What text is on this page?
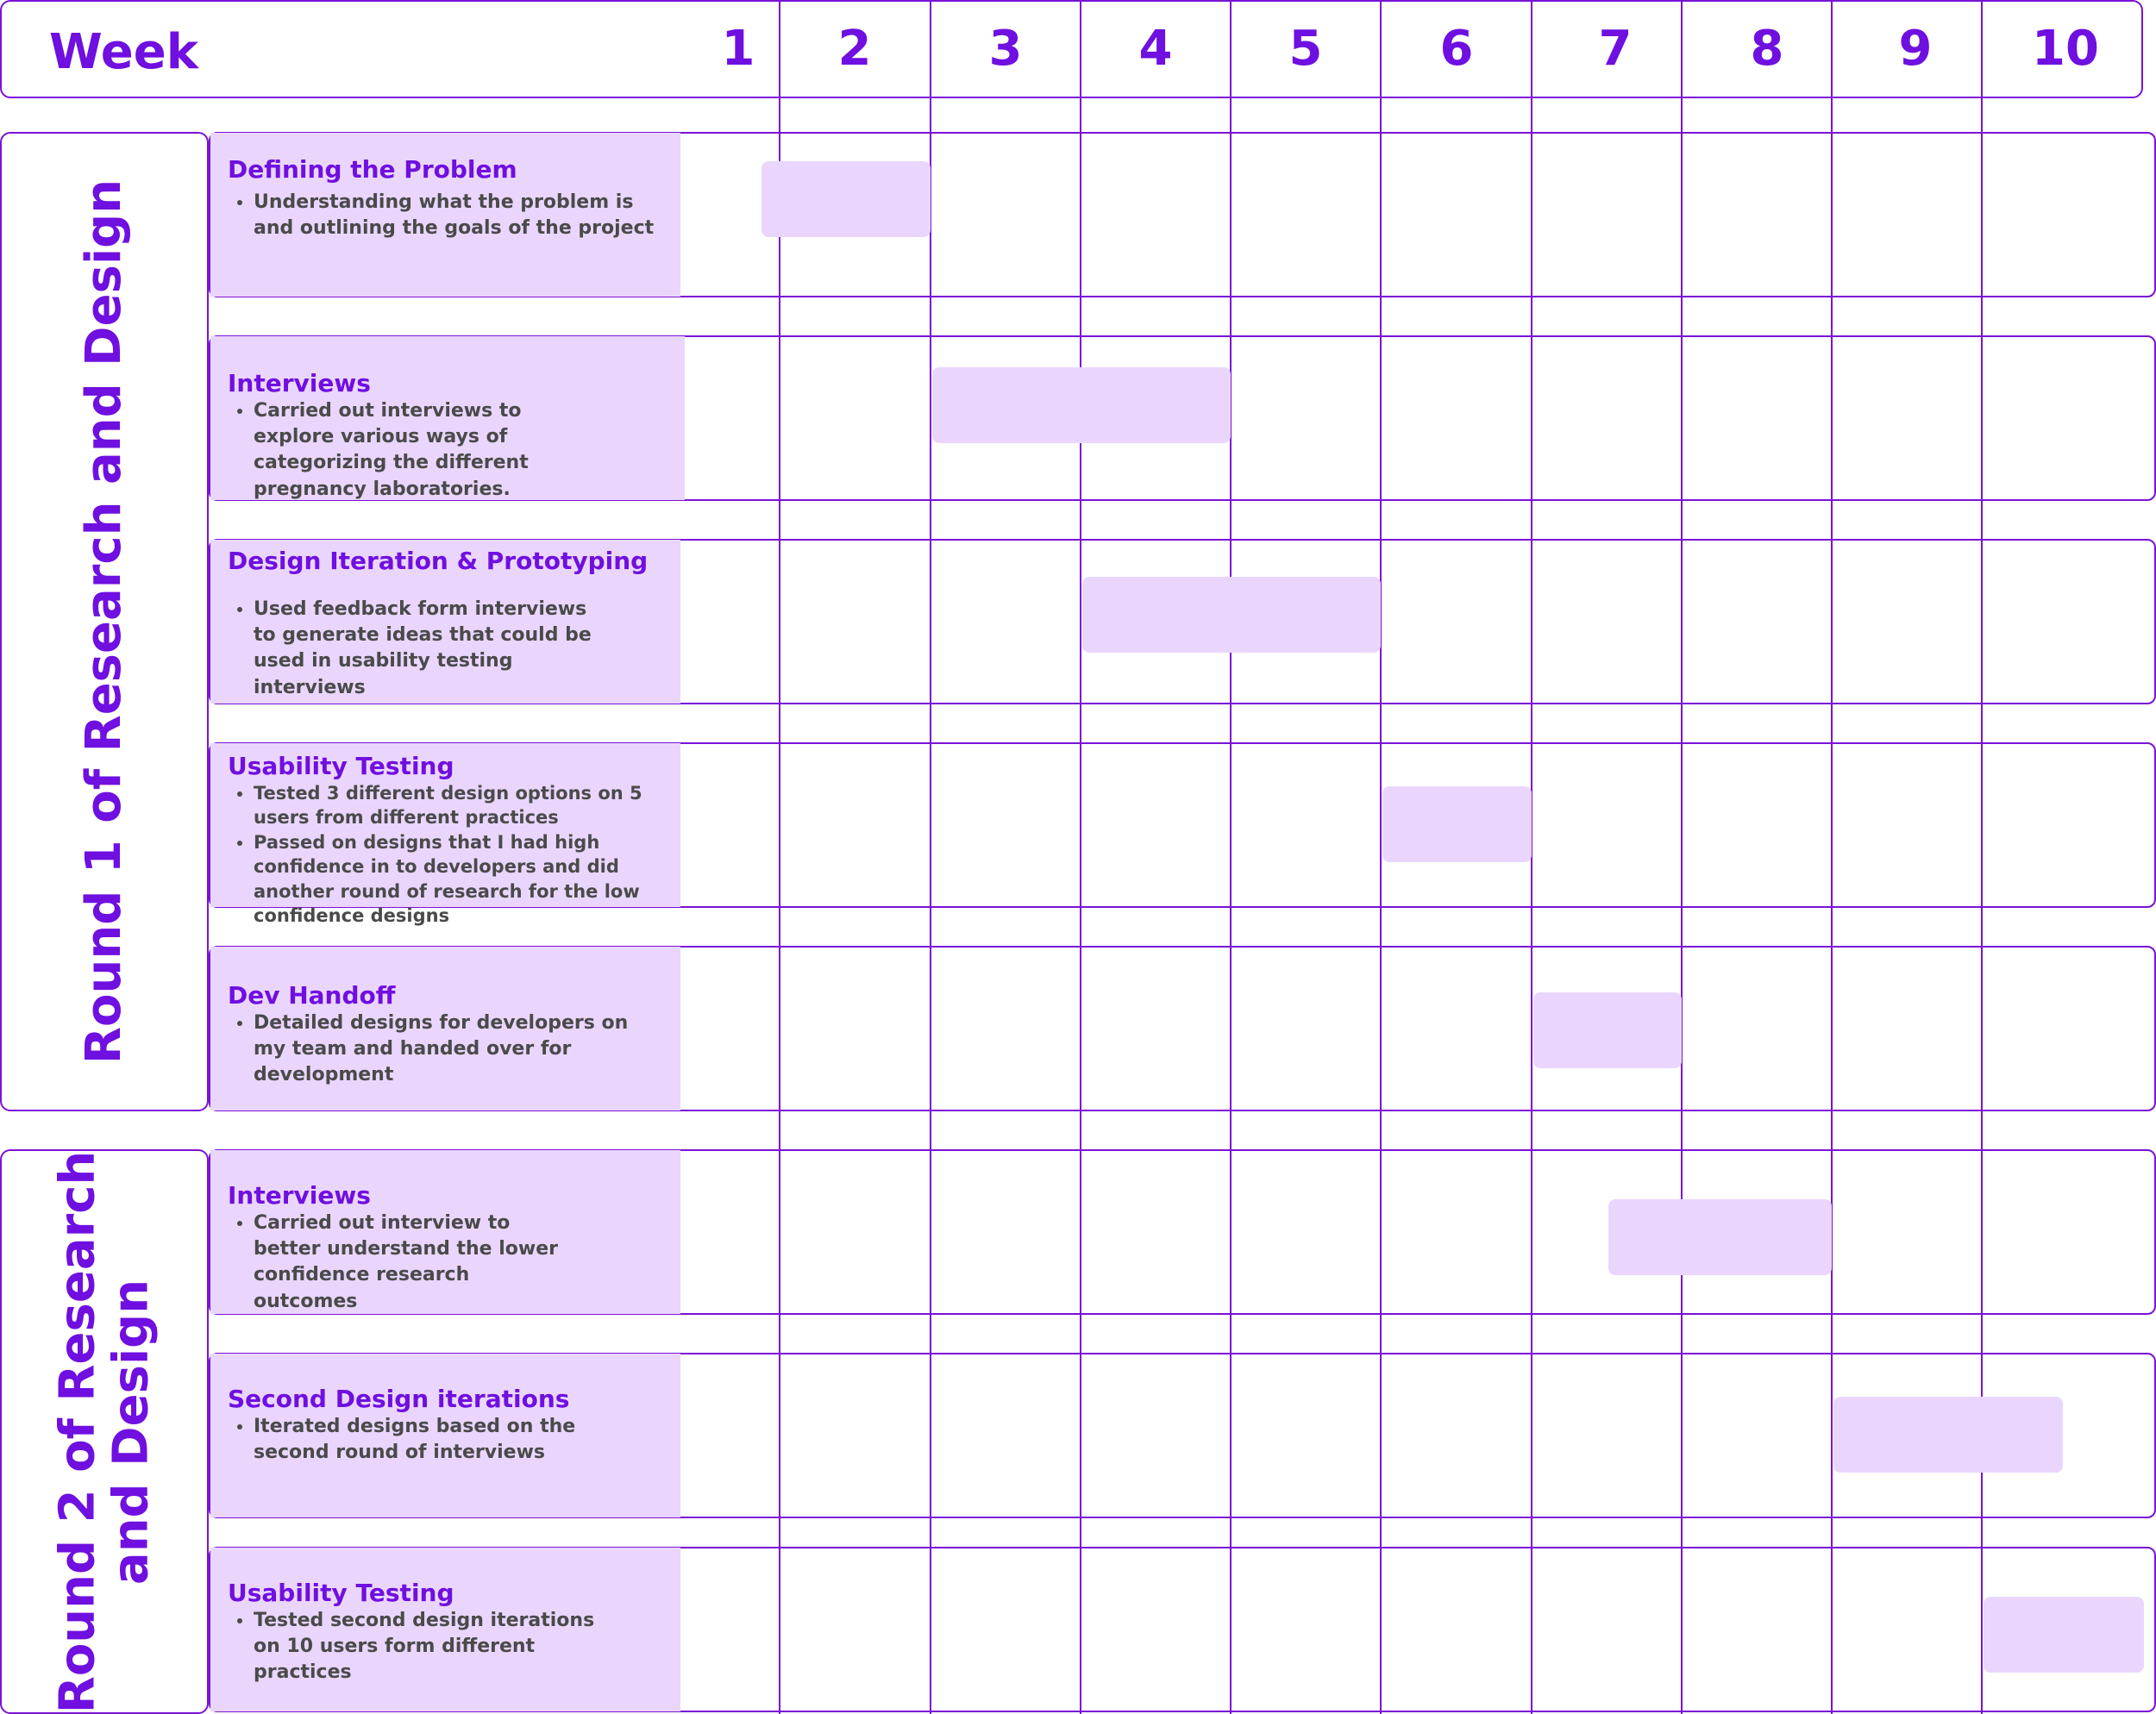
Week
Round 1 of Research and Design
Round 2 of Research
and Design
Defining the Problem
• Understanding what the problem is and outlining the goals of the project
Interviews
• Carried out interviews to explore various ways of categorizing the different pregnancy laboratories.
Design Iteration & Prototyping
• Used feedback form interviews to generate ideas that could be used in usability testing interviews
Usability Testing
• Tested 3 different design options on 5 users from different practices
• Passed on designs that I had high confidence in to developers and did another round of research for the low confidence designs
Dev Handoff
• Detailed designs for developers on my team and handed over for development
Interviews
• Carried out interview to better understand the lower confidence research outcomes
Second Design iterations
• Iterated designs based on the second round of interviews
Usability Testing
• Tested second design iterations on 10 users form different practices
1 2 3 4 5 6	7 8 9 10
